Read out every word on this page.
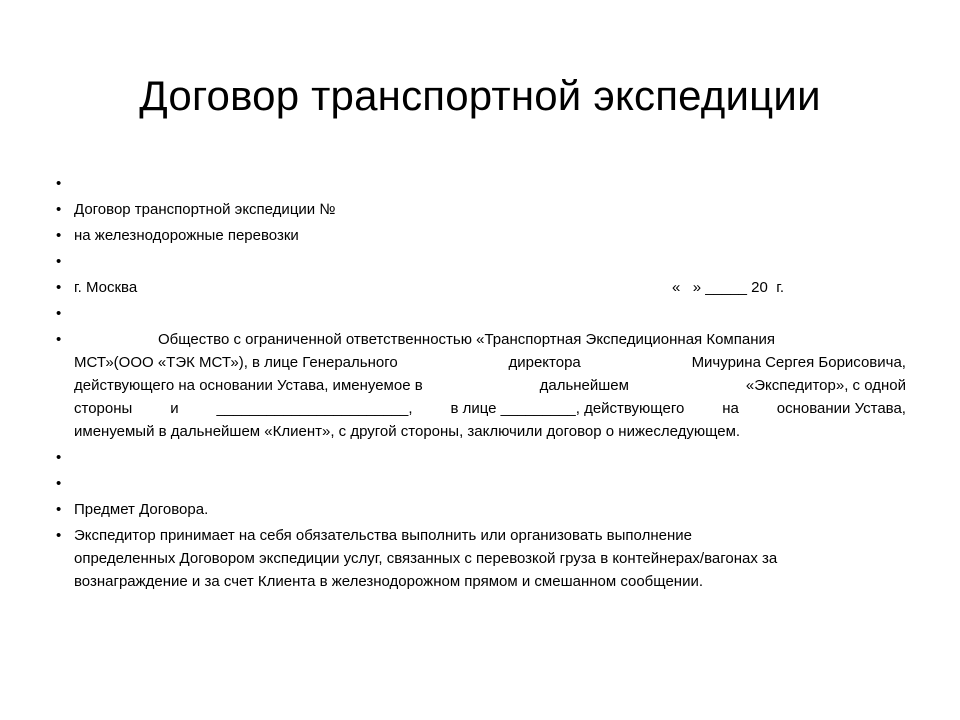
Договор транспортной экспедиции
•
• Договор транспортной экспедиции №
• на железнодорожные перевозки
•
• г. Москва	«   » _____ 20  г.
•
•	Общество с ограниченной ответственностью «Транспортная Экспедиционная Компания
МСТ»(ООО «ТЭК МСТ»), в лице Генерального	директора	Мичурина Сергея Борисовича,
действующего на основании Устава, именуемое в	дальнейшем	«Экспедитор», с одной
стороны	и	_______________________,	в лице _________, действующего	на	основании Устава,
именуемый в дальнейшем «Клиент», с другой стороны, заключили договор о нижеследующем.
•
•
• Предмет Договора.
• Экспедитор принимает на себя обязательства выполнить или организовать выполнение
определенных Договором экспедиции услуг, связанных с перевозкой груза в контейнерах/вагонах за
вознаграждение и за счет Клиента в железнодорожном прямом и смешанном сообщении.
